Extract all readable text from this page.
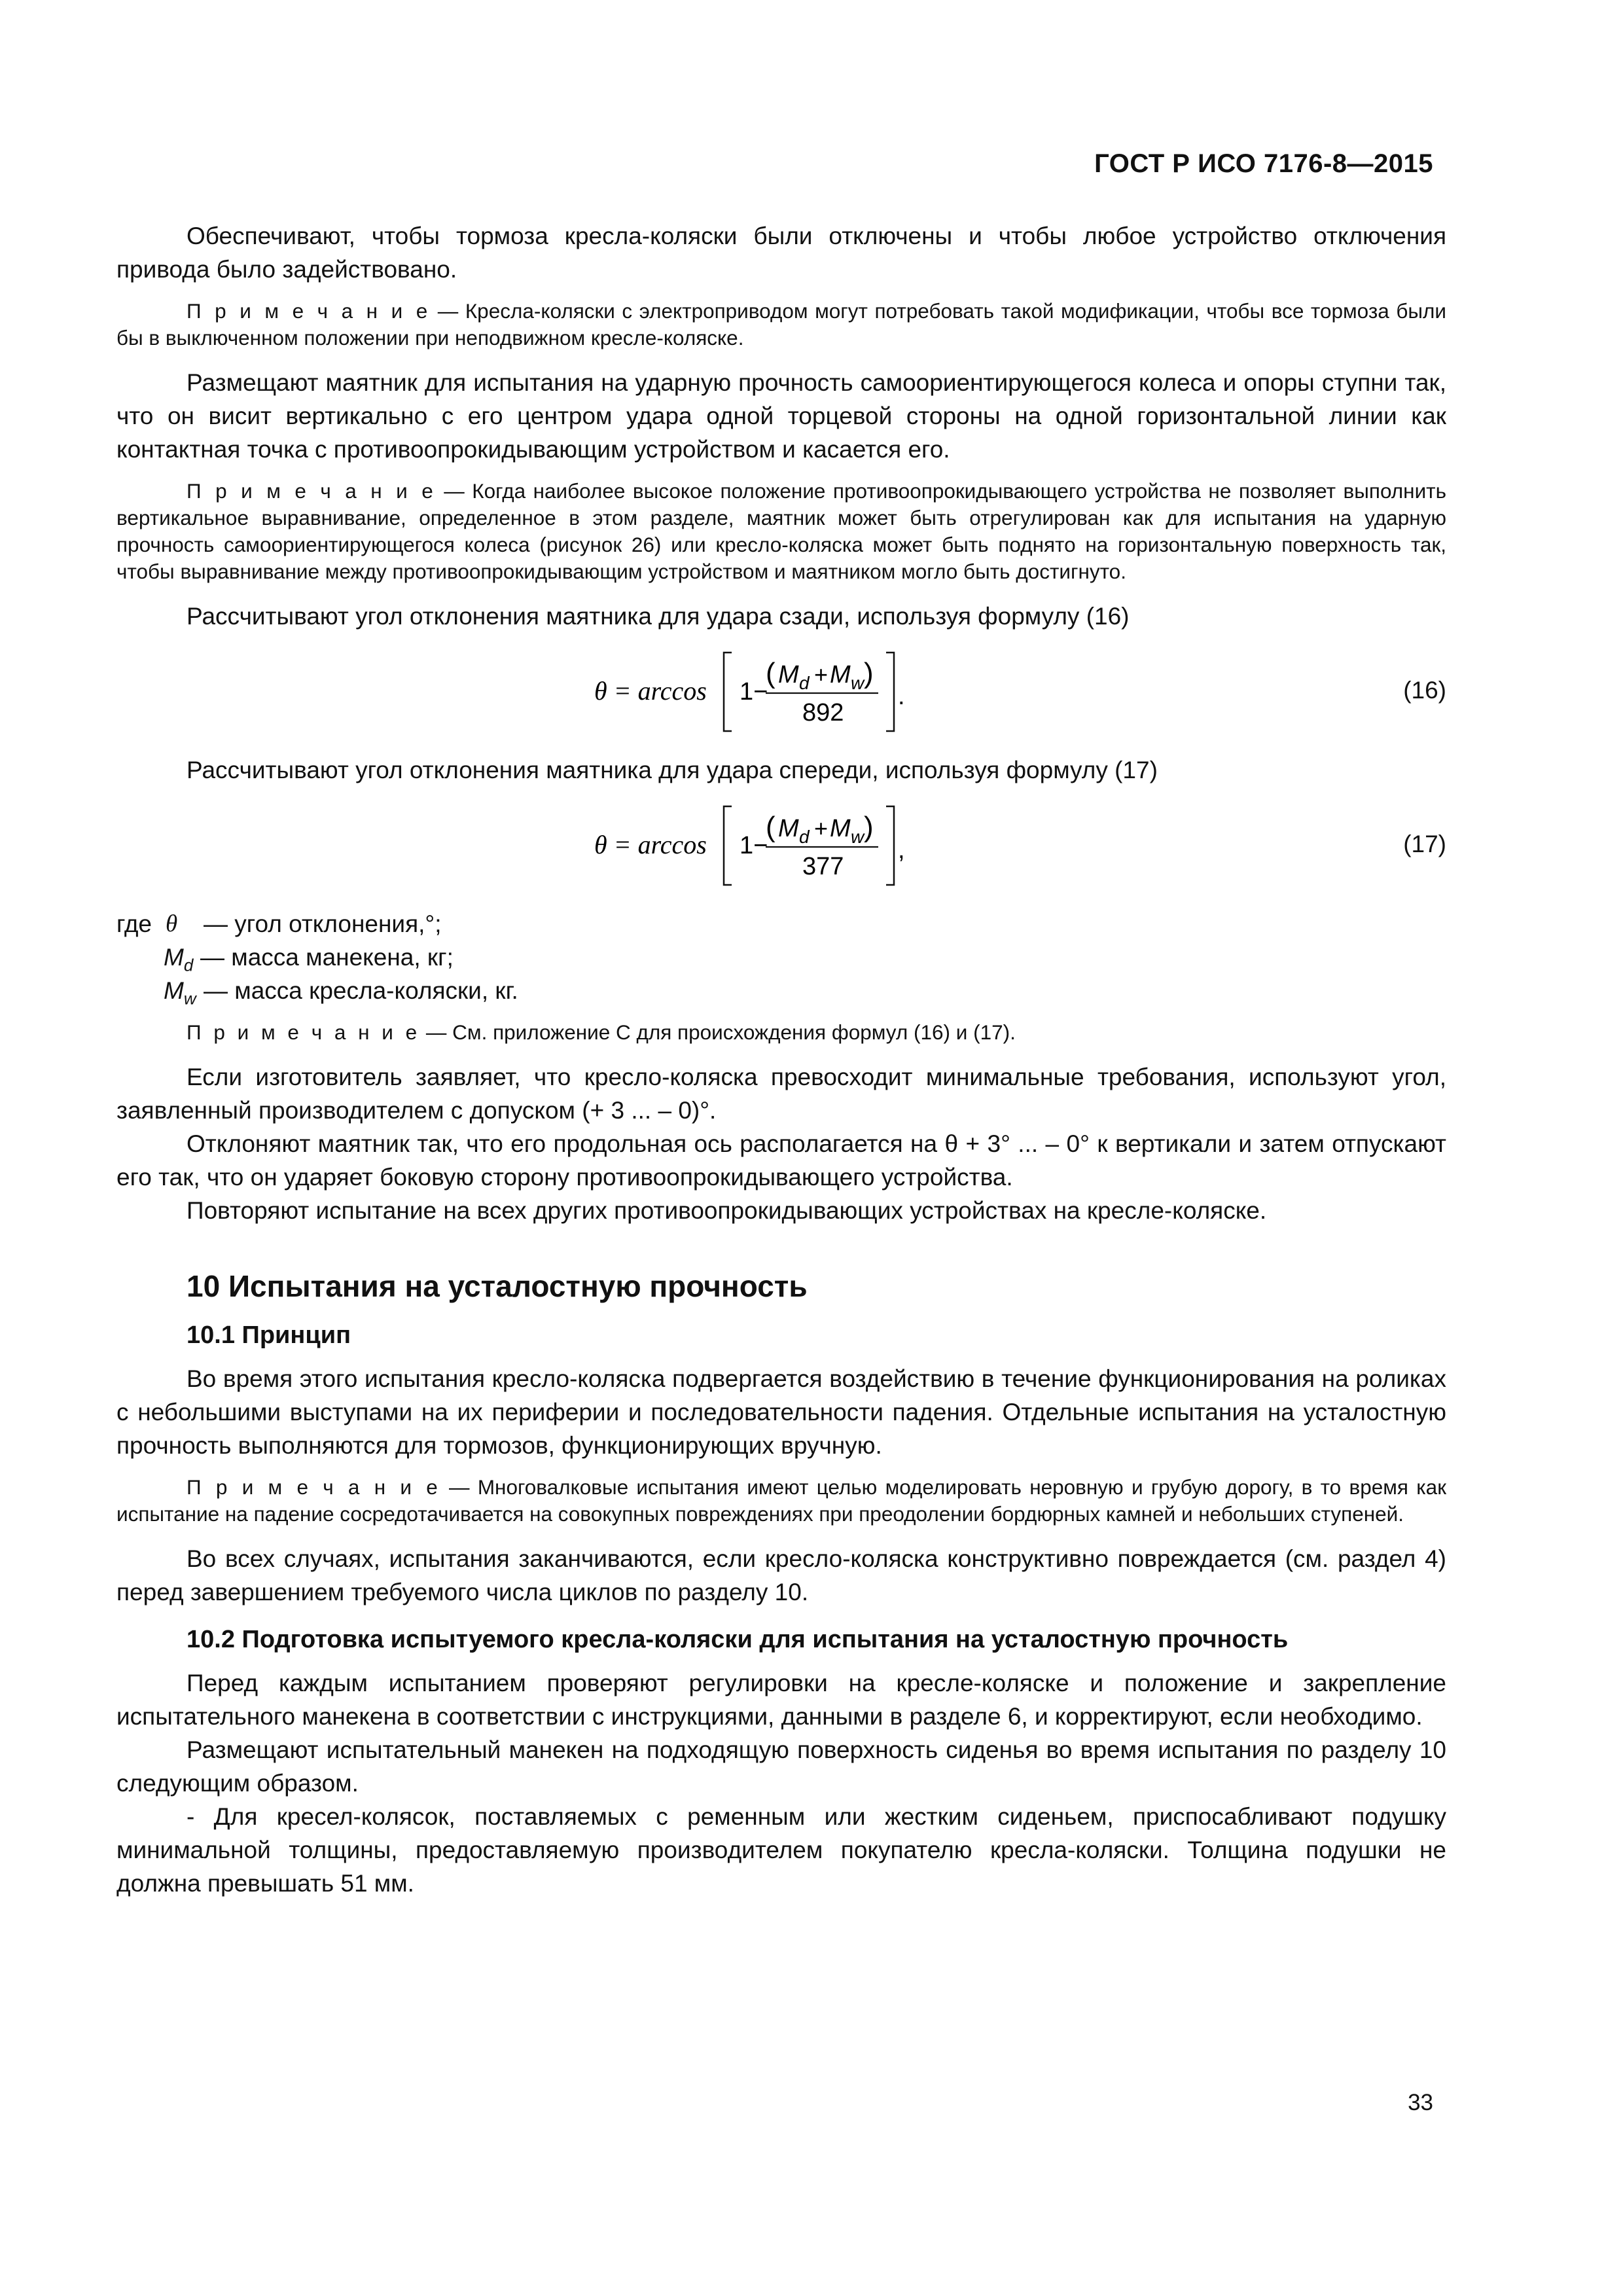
ГОСТ Р ИСО 7176-8—2015

Обеспечивают, чтобы тормоза кресла-коляски были отключены и чтобы любое устройство отключения привода было задействовано.

П р и м е ч а н и е — Кресла-коляски с электроприводом могут потребовать такой модификации, чтобы все тормоза были бы в выключенном положении при неподвижном кресле-коляске.

Размещают маятник для испытания на ударную прочность самоориентирующегося колеса и опоры ступни так, что он висит вертикально с его центром удара одной торцевой стороны на одной горизонтальной линии как контактная точка с противоопрокидывающим устройством и касается его.

П р и м е ч а н и е — Когда наиболее высокое положение противоопрокидывающего устройства не позволяет выполнить вертикальное выравнивание, определенное в этом разделе, маятник может быть отрегулирован как для испытания на ударную прочность самоориентирующегося колеса (рисунок 26) или кресло-коляска может быть поднято на горизонтальную поверхность так, чтобы выравнивание между противоопрокидывающим устройством и маятником могло быть достигнуто.

Рассчитывают угол отклонения маятника для удара сзади, используя формулу (16)

θ = arccos 1−
( M d + M w )
892
.	(16)

Рассчитывают угол отклонения маятника для удара спереди, используя формулу (17)

θ = arccos 1−
( M d + M w )
377
,	(17)
где θ — угол отклонения,°;
$M_d$ — масса манекена, кг;
$M_w$ — масса кресла-коляски, кг.
П р и м е ч а н и е — См. приложение С для происхождения формул (16) и (17).

Если изготовитель заявляет, что кресло-коляска превосходит минимальные требования, используют угол, заявленный производителем с допуском (+ 3 ... – 0)°.

Отклоняют маятник так, что его продольная ось располагается на θ + 3° ... – 0° к вертикали и затем отпускают его так, что он ударяет боковую сторону противоопрокидывающего устройства.

Повторяют испытание на всех других противоопрокидывающих устройствах на кресле-коляске.

10 Испытания на усталостную прочность
10.1 Принцип

Во время этого испытания кресло-коляска подвергается воздействию в течение функционирования на роликах с небольшими выступами на их периферии и последовательности падения. Отдельные испытания на усталостную прочность выполняются для тормозов, функционирующих вручную.

П р и м е ч а н и е — Многовалковые испытания имеют целью моделировать неровную и грубую дорогу, в то время как испытание на падение сосредотачивается на совокупных повреждениях при преодолении бордюрных камней и небольших ступеней.

Во всех случаях, испытания заканчиваются, если кресло-коляска конструктивно повреждается (см. раздел 4) перед завершением требуемого числа циклов по разделу 10.

10.2 Подготовка испытуемого кресла-коляски для испытания на усталостную прочность

Перед каждым испытанием проверяют регулировки на кресле-коляске и положение и закрепление испытательного манекена в соответствии с инструкциями, данными в разделе 6, и корректируют, если необходимо.

Размещают испытательный манекен на подходящую поверхность сиденья во время испытания по разделу 10 следующим образом.

- Для кресел-колясок, поставляемых с ременным или жестким сиденьем, приспосабливают подушку минимальной толщины, предоставляемую производителем покупателю кресла-коляски. Толщина подушки не должна превышать 51 мм.

33
